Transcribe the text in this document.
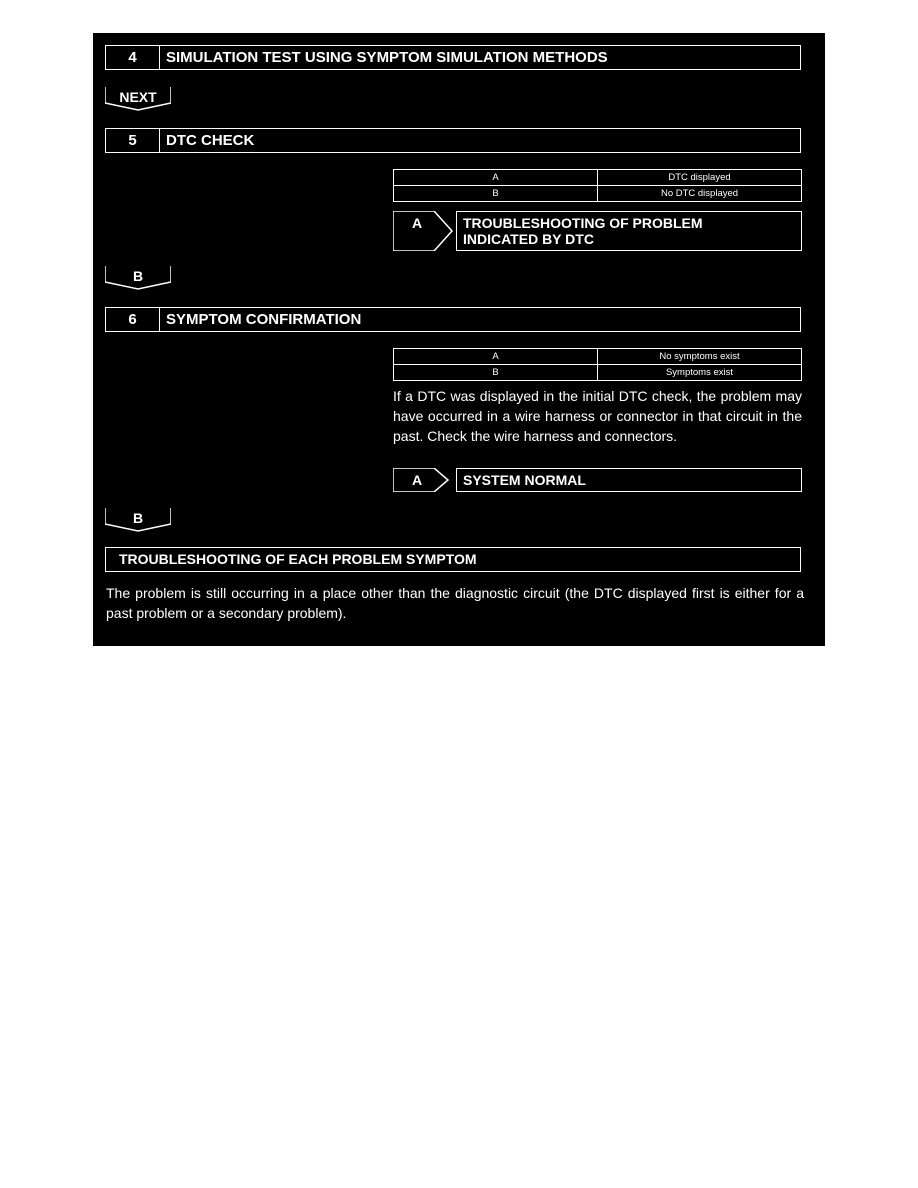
4	SIMULATION TEST USING SYMPTOM SIMULATION METHODS
NEXT
5	DTC CHECK
A	DTC displayed
B	No DTC displayed
A	TROUBLESHOOTING OF PROBLEM
INDICATED BY DTC
B
6	SYMPTOM CONFIRMATION
A	No symptoms exist
B	Symptoms exist
If a DTC was displayed in the initial DTC check, the problem may have occurred in a wire harness or connector in that circuit in the past. Check the wire harness and connectors.
A	SYSTEM NORMAL
B
TROUBLESHOOTING OF EACH PROBLEM SYMPTOM
The problem is still occurring in a place other than the diagnostic circuit (the DTC displayed first is either for a past problem or a secondary problem).
